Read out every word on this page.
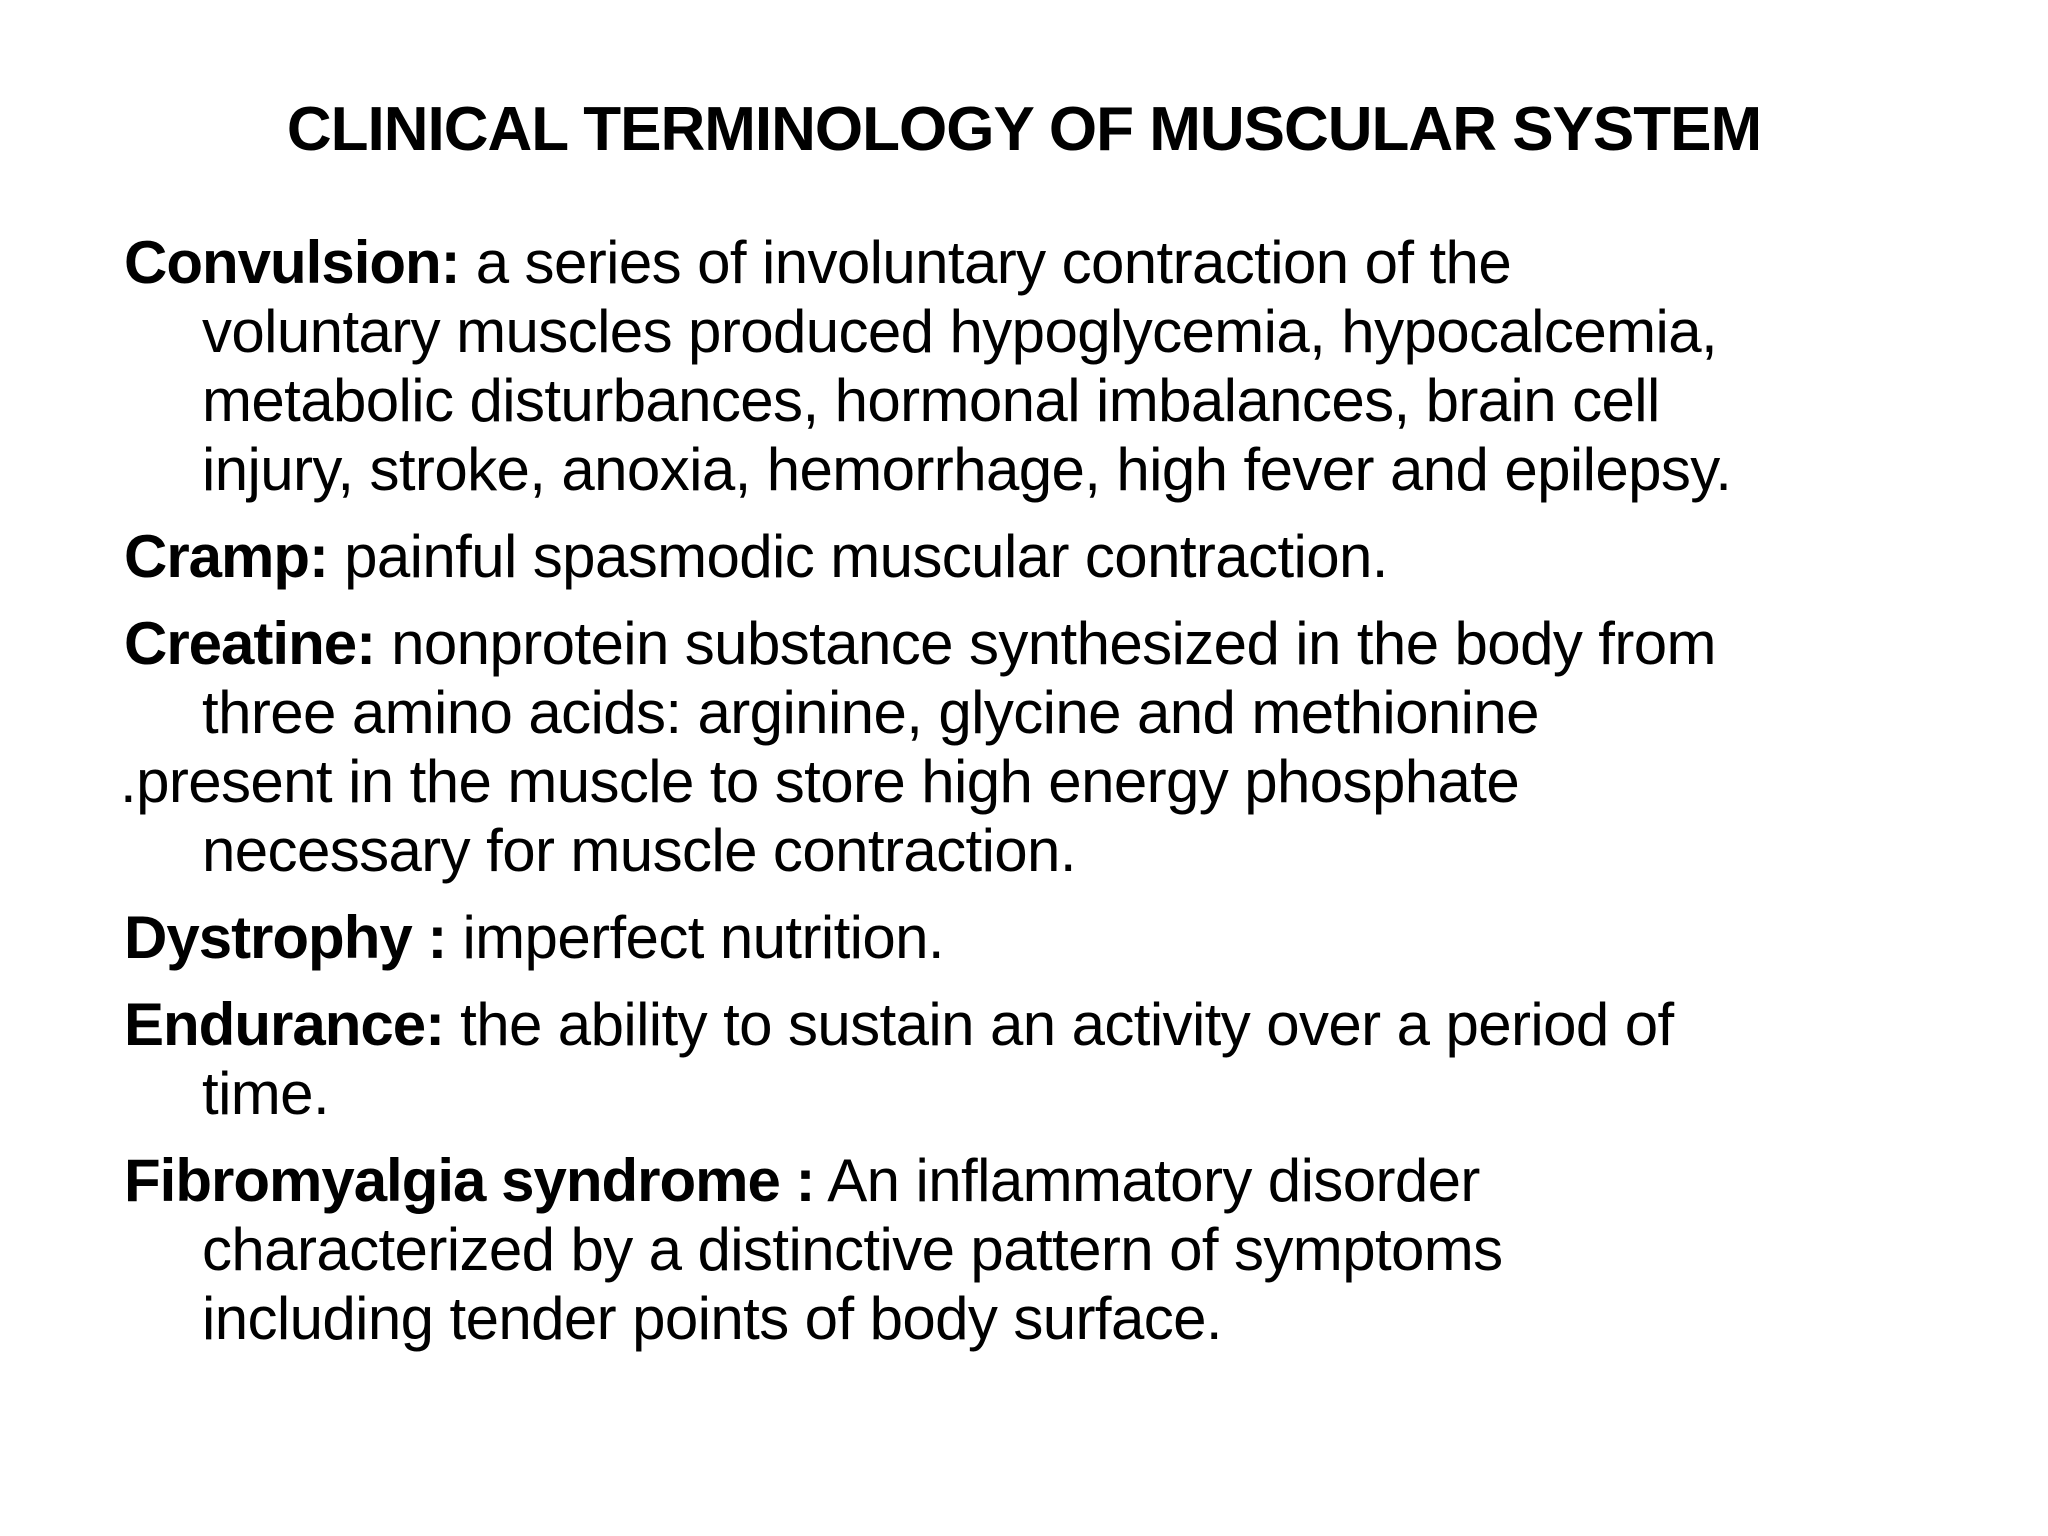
CLINICAL TERMINOLOGY OF MUSCULAR SYSTEM
Convulsion: a series of involuntary contraction of the
voluntary muscles produced hypoglycemia, hypocalcemia,
metabolic disturbances, hormonal imbalances, brain cell
injury, stroke, anoxia, hemorrhage, high fever and epilepsy.
Cramp: painful spasmodic muscular contraction.
Creatine: nonprotein substance synthesized in the body from
three amino acids: arginine, glycine and methionine
.present in the muscle to store high energy phosphate
necessary for muscle contraction.
Dystrophy : imperfect nutrition.
Endurance: the ability to sustain an activity over a period of
time.
Fibromyalgia syndrome : An inflammatory disorder
characterized by a distinctive pattern of symptoms
including tender points of body surface.
